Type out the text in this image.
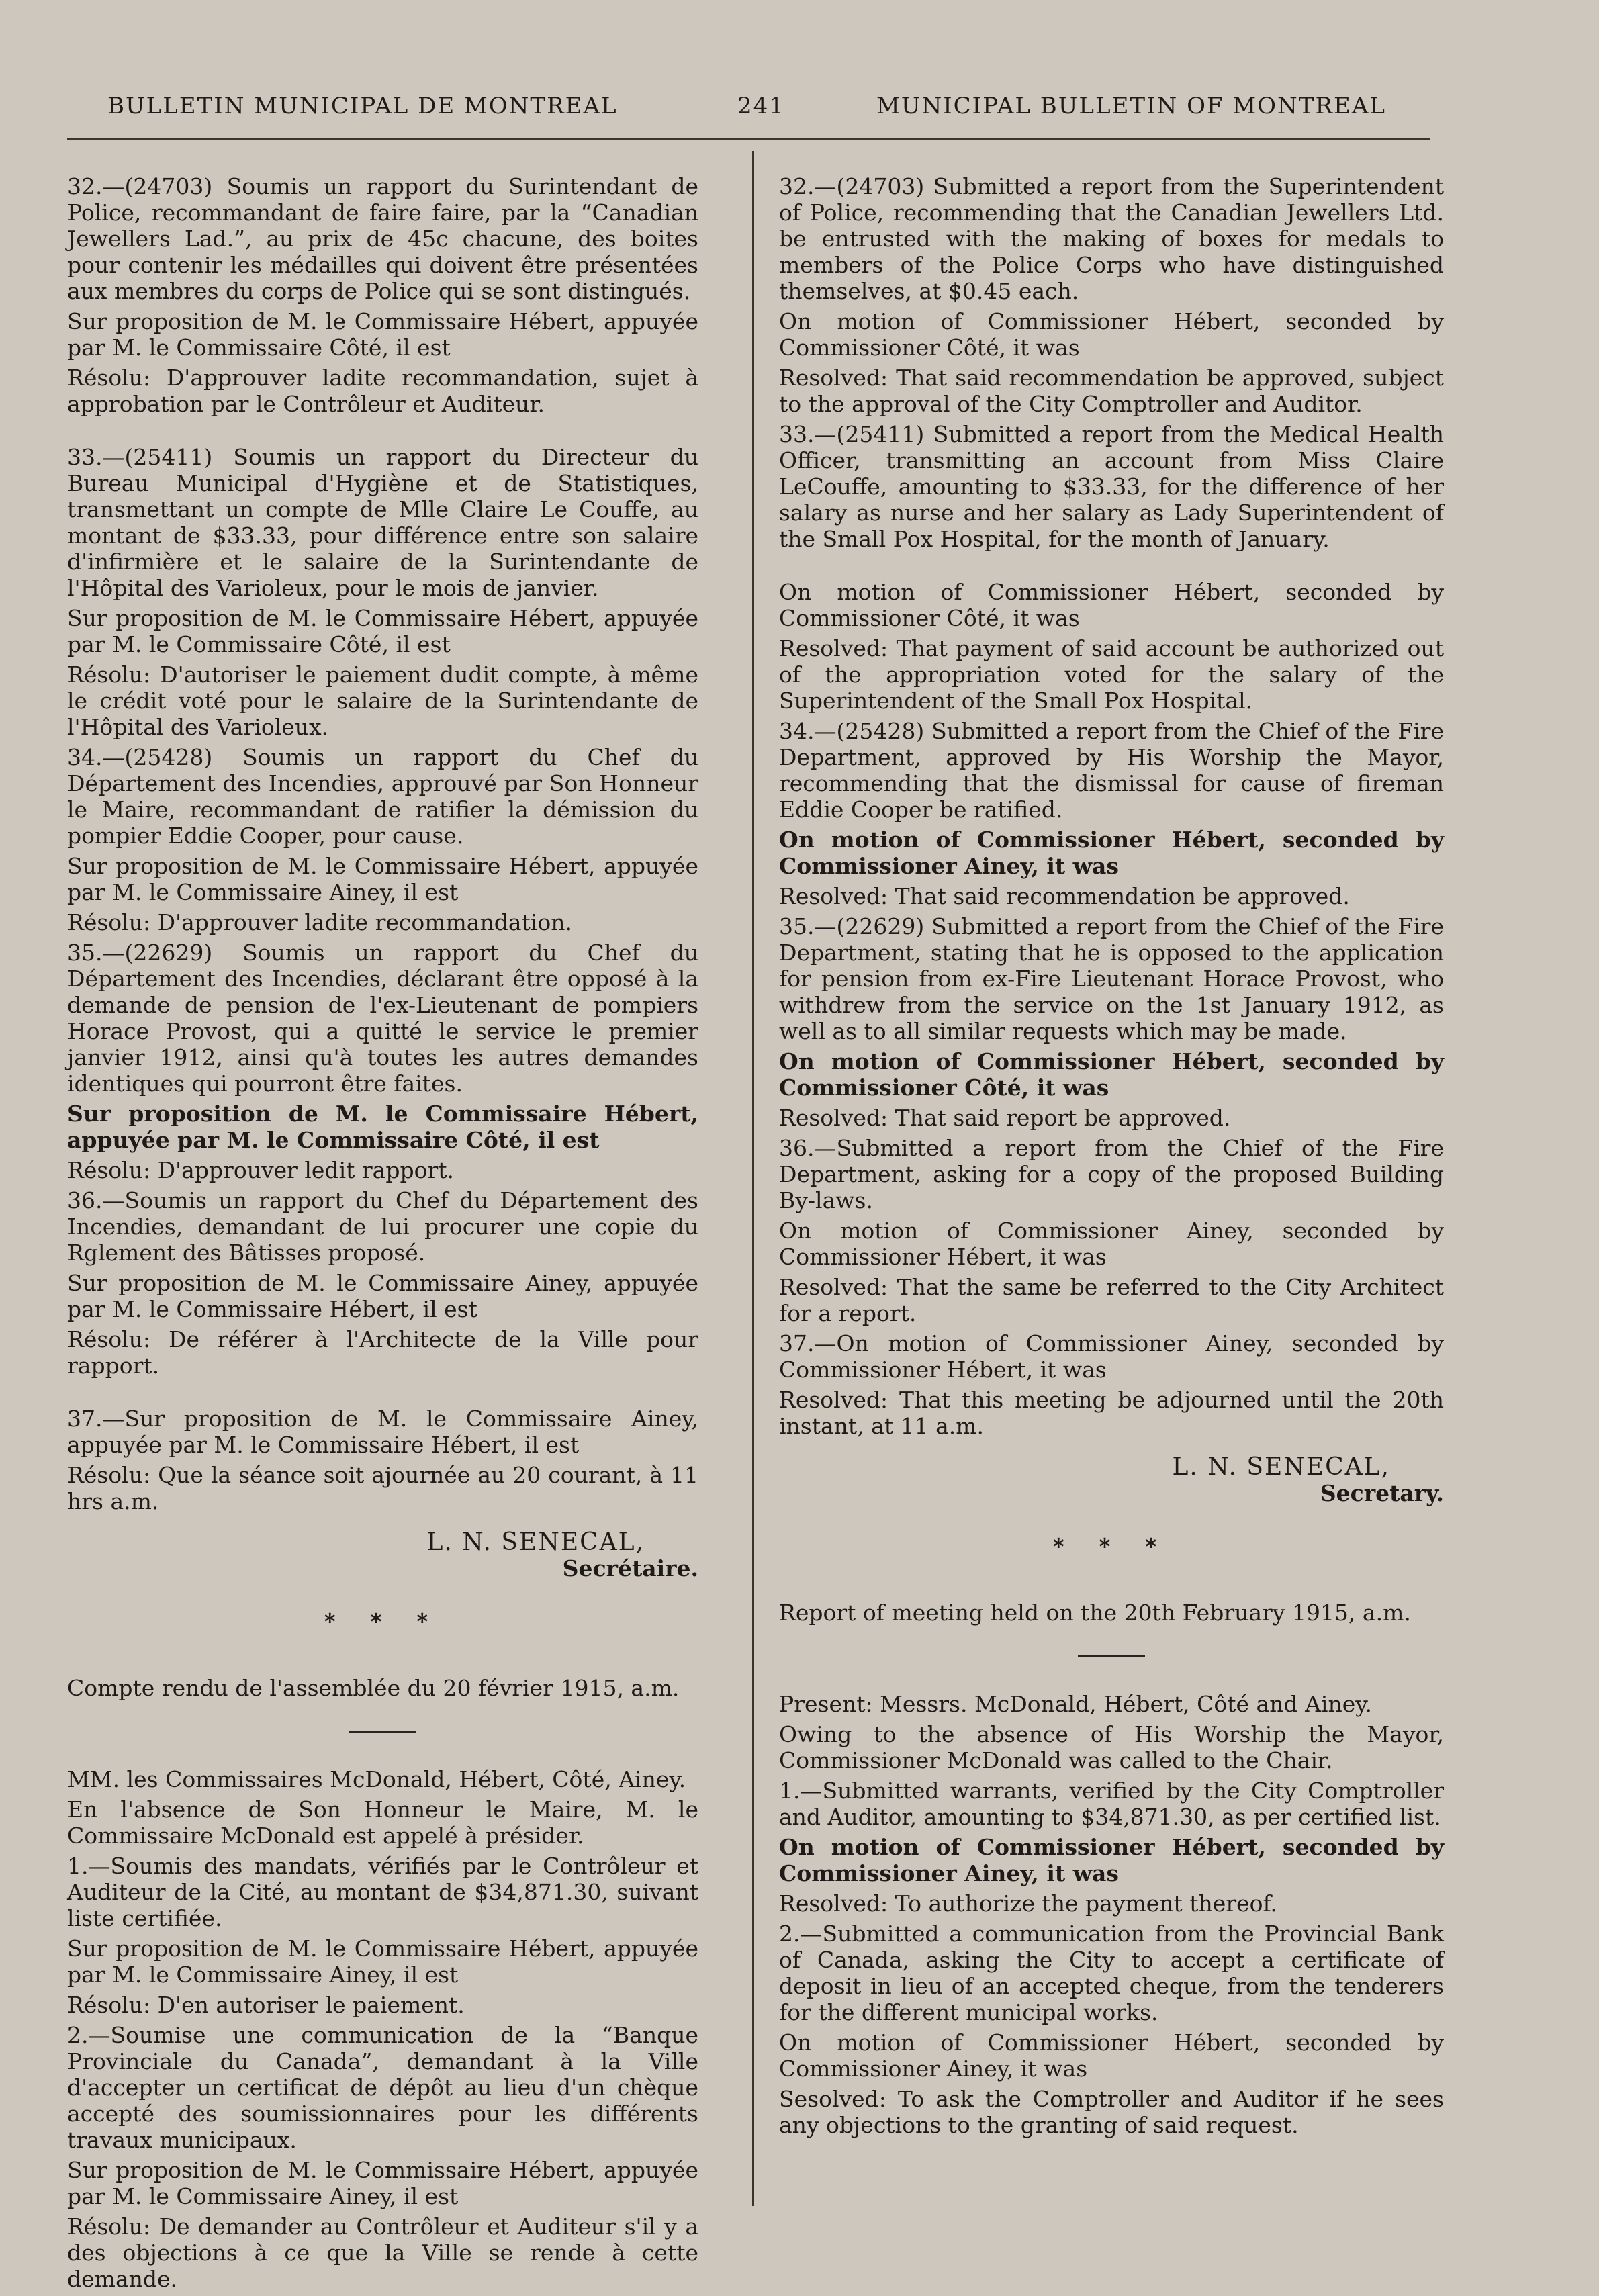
BULLETIN MUNICIPAL DE MONTREAL	241	MUNICIPAL BULLETIN OF MONTREAL

32.—(24703) Soumis un rapport du Surintendant de Police, recommandant de faire faire, par la “Canadian Jewellers Lad.”, au prix de 45c chacune, des boites pour contenir les médailles qui doivent être présentées aux membres du corps de Police qui se sont distingués.

Sur proposition de M. le Commissaire Hébert, appuyée par M. le Commissaire Côté, il est

Résolu: D'approuver ladite recommandation, sujet à approbation par le Contrôleur et Auditeur.

33.—(25411) Soumis un rapport du Directeur du Bureau Municipal d'Hygiène et de Statistiques, transmettant un compte de Mlle Claire Le Couffe, au montant de $33.33, pour différence entre son salaire d'infirmière et le salaire de la Surintendante de l'Hôpital des Varioleux, pour le mois de janvier.

Sur proposition de M. le Commissaire Hébert, appuyée par M. le Commissaire Côté, il est

Résolu: D'autoriser le paiement dudit compte, à même le crédit voté pour le salaire de la Surintendante de l'Hôpital des Varioleux.

34.—(25428) Soumis un rapport du Chef du Département des Incendies, approuvé par Son Honneur le Maire, recommandant de ratifier la démission du pompier Eddie Cooper, pour cause.

Sur proposition de M. le Commissaire Hébert, appuyée par M. le Commissaire Ainey, il est

Résolu: D'approuver ladite recommandation.

35.—(22629) Soumis un rapport du Chef du Département des Incendies, déclarant être opposé à la demande de pension de l'ex-Lieutenant de pompiers Horace Provost, qui a quitté le service le premier janvier 1912, ainsi qu'à toutes les autres demandes identiques qui pourront être faites.

Sur proposition de M. le Commissaire Hébert, appuyée par M. le Commissaire Côté, il est

Résolu: D'approuver ledit rapport.

36.—Soumis un rapport du Chef du Département des Incendies, demandant de lui procurer une copie du Rglement des Bâtisses proposé.

Sur proposition de M. le Commissaire Ainey, appuyée par M. le Commissaire Hébert, il est

Résolu: De référer à l'Architecte de la Ville pour rapport.

37.—Sur proposition de M. le Commissaire Ainey, appuyée par M. le Commissaire Hébert, il est

Résolu: Que la séance soit ajournée au 20 courant, à 11 hrs a.m.

L. N. SENECAL,
Secrétaire.
* * *

Compte rendu de l'assemblée du 20 février 1915, a.m.

MM. les Commissaires McDonald, Hébert, Côté, Ainey.

En l'absence de Son Honneur le Maire, M. le Commissaire McDonald est appelé à présider.

1.—Soumis des mandats, vérifiés par le Contrôleur et Auditeur de la Cité, au montant de $34,871.30, suivant liste certifiée.

Sur proposition de M. le Commissaire Hébert, appuyée par M. le Commissaire Ainey, il est

Résolu: D'en autoriser le paiement.

2.—Soumise une communication de la “Banque Provinciale du Canada”, demandant à la Ville d'accepter un certificat de dépôt au lieu d'un chèque accepté des soumissionnaires pour les différents travaux municipaux.

Sur proposition de M. le Commissaire Hébert, appuyée par M. le Commissaire Ainey, il est

Résolu: De demander au Contrôleur et Auditeur s'il y a des objections à ce que la Ville se rende à cette demande.

32.—(24703) Submitted a report from the Superintendent of Police, recommending that the Canadian Jewellers Ltd. be entrusted with the making of boxes for medals to members of the Police Corps who have distinguished themselves, at $0.45 each.

On motion of Commissioner Hébert, seconded by Commissioner Côté, it was

Resolved: That said recommendation be approved, subject to the approval of the City Comptroller and Auditor.

33.—(25411) Submitted a report from the Medical Health Officer, transmitting an account from Miss Claire LeCouffe, amounting to $33.33, for the difference of her salary as nurse and her salary as Lady Superintendent of the Small Pox Hospital, for the month of January.

On motion of Commissioner Hébert, seconded by Commissioner Côté, it was

Resolved: That payment of said account be authorized out of the appropriation voted for the salary of the Superintendent of the Small Pox Hospital.

34.—(25428) Submitted a report from the Chief of the Fire Department, approved by His Worship the Mayor, recommending that the dismissal for cause of fireman Eddie Cooper be ratified.

On motion of Commissioner Hébert, seconded by Commissioner Ainey, it was

Resolved: That said recommendation be approved.

35.—(22629) Submitted a report from the Chief of the Fire Department, stating that he is opposed to the application for pension from ex-Fire Lieutenant Horace Provost, who withdrew from the service on the 1st January 1912, as well as to all similar requests which may be made.

On motion of Commissioner Hébert, seconded by Commissioner Côté, it was

Resolved: That said report be approved.

36.—Submitted a report from the Chief of the Fire Department, asking for a copy of the proposed Building By-laws.

On motion of Commissioner Ainey, seconded by Commissioner Hébert, it was

Resolved: That the same be referred to the City Architect for a report.

37.—On motion of Commissioner Ainey, seconded by Commissioner Hébert, it was

Resolved: That this meeting be adjourned until the 20th instant, at 11 a.m.

L. N. SENECAL,
Secretary.
* * *

Report of meeting held on the 20th February 1915, a.m.

Present: Messrs. McDonald, Hébert, Côté and Ainey.

Owing to the absence of His Worship the Mayor, Commissioner McDonald was called to the Chair.

1.—Submitted warrants, verified by the City Comptroller and Auditor, amounting to $34,871.30, as per certified list.

On motion of Commissioner Hébert, seconded by Commissioner Ainey, it was

Resolved: To authorize the payment thereof.

2.—Submitted a communication from the Provincial Bank of Canada, asking the City to accept a certificate of deposit in lieu of an accepted cheque, from the tenderers for the different municipal works.

On motion of Commissioner Hébert, seconded by Commissioner Ainey, it was

Sesolved: To ask the Comptroller and Auditor if he sees any objections to the granting of said request.
